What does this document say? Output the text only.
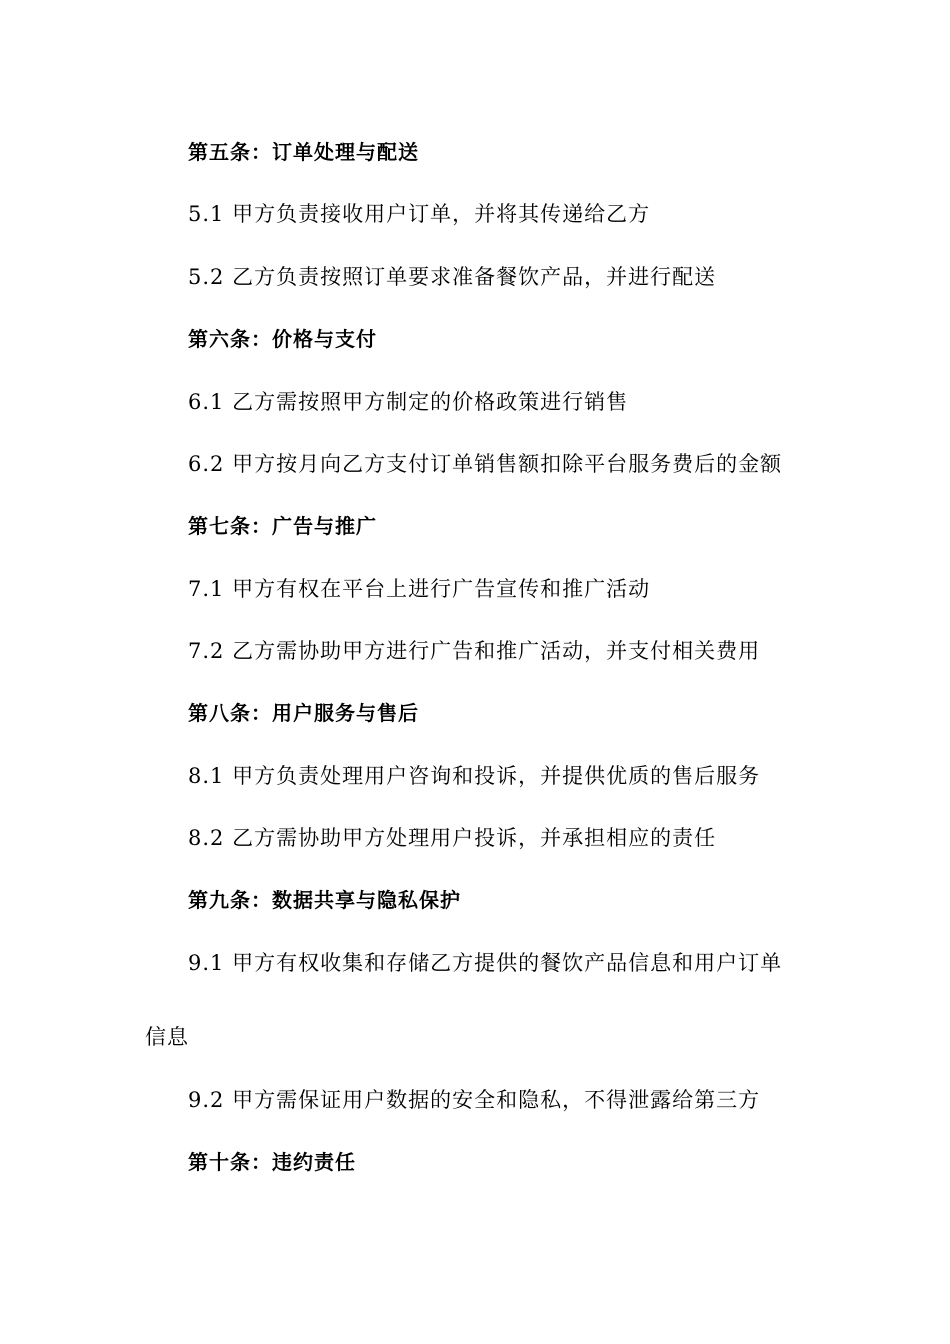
第五条：订单处理与配送
5.1 甲方负责接收用户订单，并将其传递给乙方
5.2 乙方负责按照订单要求准备餐饮产品，并进行配送
第六条：价格与支付
6.1 乙方需按照甲方制定的价格政策进行销售
6.2 甲方按月向乙方支付订单销售额扣除平台服务费后的金额
第七条：广告与推广
7.1 甲方有权在平台上进行广告宣传和推广活动
7.2 乙方需协助甲方进行广告和推广活动，并支付相关费用
第八条：用户服务与售后
8.1 甲方负责处理用户咨询和投诉，并提供优质的售后服务
8.2 乙方需协助甲方处理用户投诉，并承担相应的责任
第九条：数据共享与隐私保护
9.1 甲方有权收集和存储乙方提供的餐饮产品信息和用户订单
信息
9.2 甲方需保证用户数据的安全和隐私，不得泄露给第三方
第十条：违约责任
